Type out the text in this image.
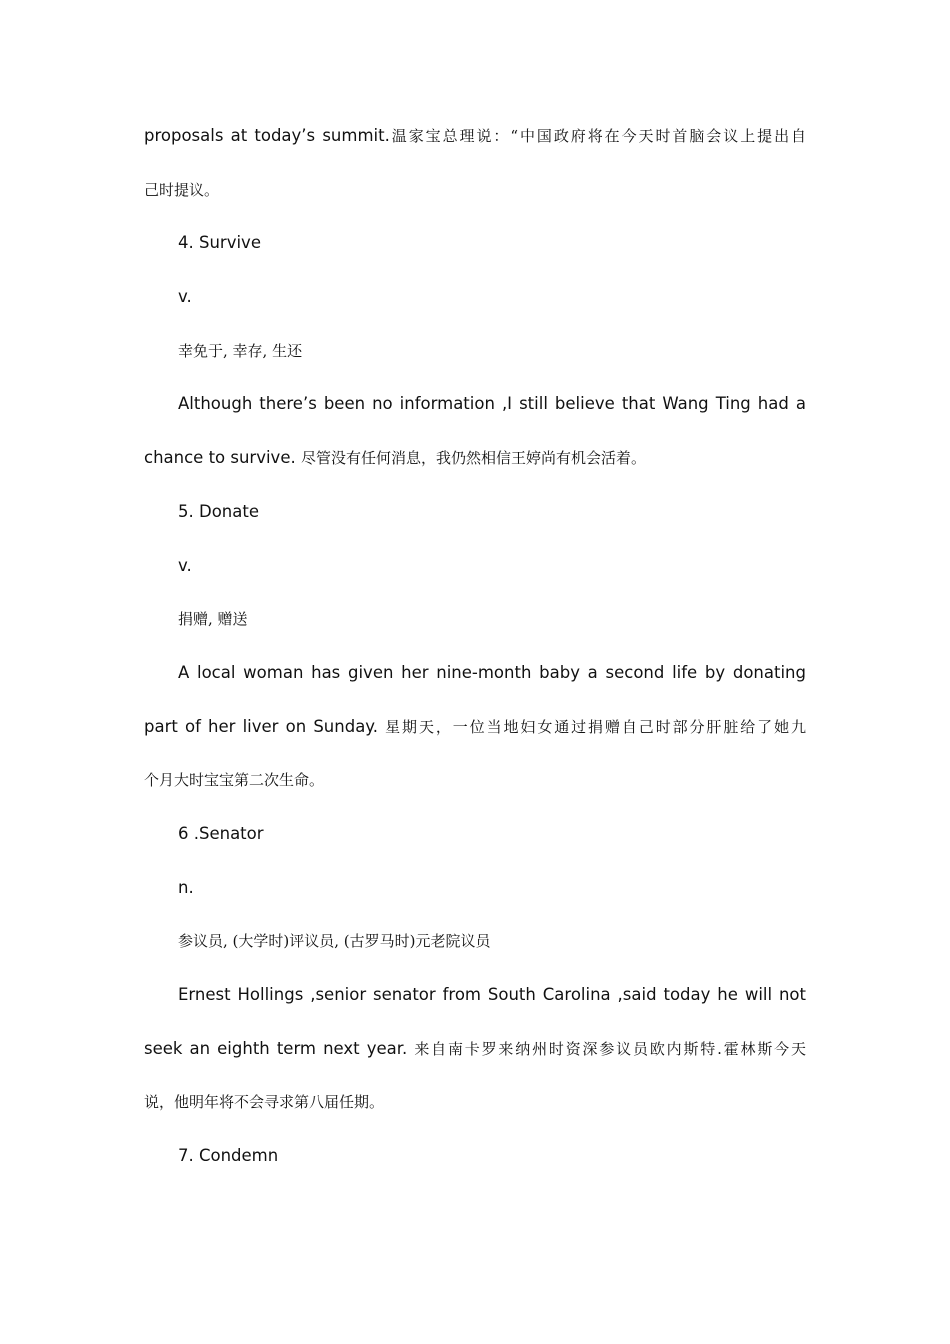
proposals at today’s summit.温家宝总理说：“中国政府将在今天时首脑会议上提出自
己时提议。
4. Survive
v.
幸免于, 幸存, 生还
Although there’s been no information ,I still believe that Wang Ting had a
chance to survive. 尽管没有任何消息，我仍然相信王婷尚有机会活着。
5. Donate
v.
捐赠, 赠送
A local woman has given her nine-month baby a second life by donating
part of her liver on Sunday. 星期天，一位当地妇女通过捐赠自己时部分肝脏给了她九
个月大时宝宝第二次生命。
6 .Senator
n.
参议员, (大学时)评议员, (古罗马时)元老院议员
Ernest Hollings ,senior senator from South Carolina ,said today he will not
seek an eighth term next year. 来自南卡罗来纳州时资深参议员欧内斯特.霍林斯今天
说，他明年将不会寻求第八届任期。
7. Condemn
